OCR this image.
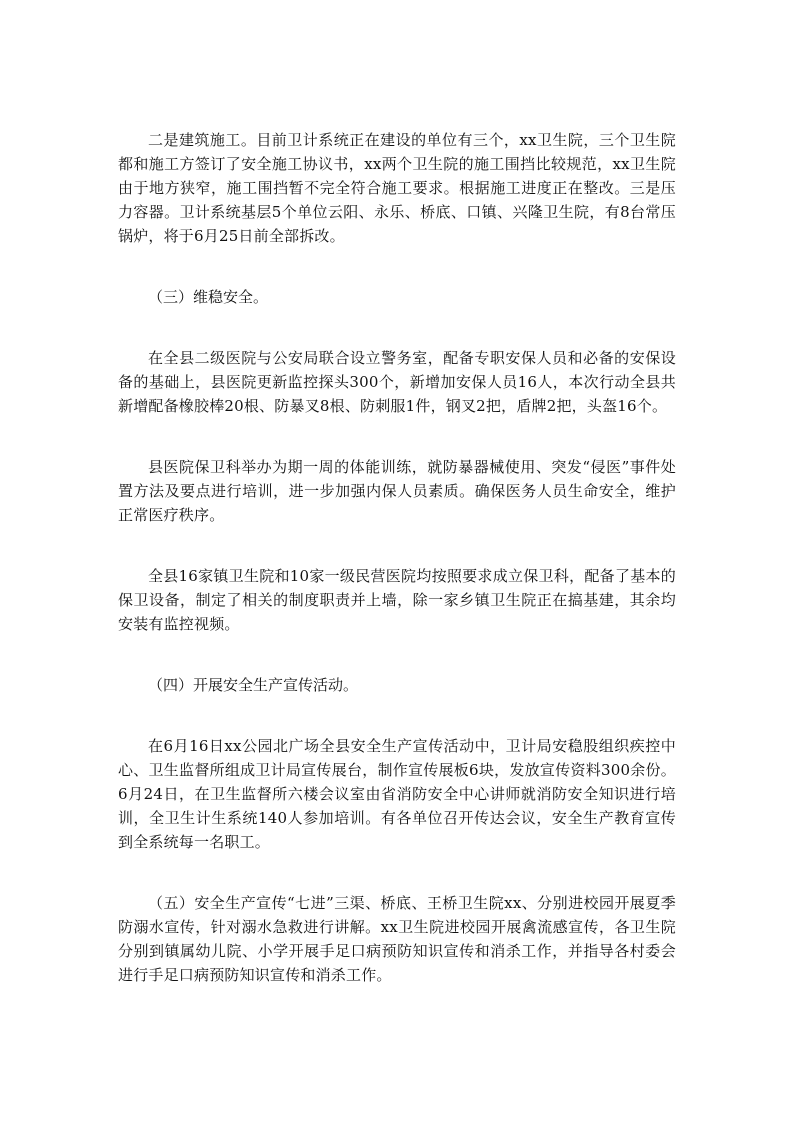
二是建筑施工。目前卫计系统正在建设的单位有三个，xx卫生院，三个卫生院都和施工方签订了安全施工协议书，xx两个卫生院的施工围挡比较规范，xx卫生院由于地方狭窄，施工围挡暂不完全符合施工要求。根据施工进度正在整改。三是压力容器。卫计系统基层5个单位云阳、永乐、桥底、口镇、兴隆卫生院，有8台常压锅炉，将于6月25日前全部拆改。

（三）维稳安全。

在全县二级医院与公安局联合设立警务室，配备专职安保人员和必备的安保设备的基础上，县医院更新监控探头300个，新增加安保人员16人，本次行动全县共新增配备橡胶棒20根、防暴叉8根、防刺服1件，钢叉2把，盾牌2把，头盔16个。

县医院保卫科举办为期一周的体能训练，就防暴器械使用、突发“侵医”事件处置方法及要点进行培训，进一步加强内保人员素质。确保医务人员生命安全，维护正常医疗秩序。

全县16家镇卫生院和10家一级民营医院均按照要求成立保卫科，配备了基本的保卫设备，制定了相关的制度职责并上墙，除一家乡镇卫生院正在搞基建，其余均安装有监控视频。

（四）开展安全生产宣传活动。

在6月16日xx公园北广场全县安全生产宣传活动中，卫计局安稳股组织疾控中心、卫生监督所组成卫计局宣传展台，制作宣传展板6块，发放宣传资料300余份。6月24日，在卫生监督所六楼会议室由省消防安全中心讲师就消防安全知识进行培训，全卫生计生系统140人参加培训。有各单位召开传达会议，安全生产教育宣传到全系统每一名职工。

（五）安全生产宣传“七进”三渠、桥底、王桥卫生院xx、分别进校园开展夏季防溺水宣传，针对溺水急救进行讲解。xx卫生院进校园开展禽流感宣传，各卫生院分别到镇属幼儿院、小学开展手足口病预防知识宣传和消杀工作，并指导各村委会进行手足口病预防知识宣传和消杀工作。
